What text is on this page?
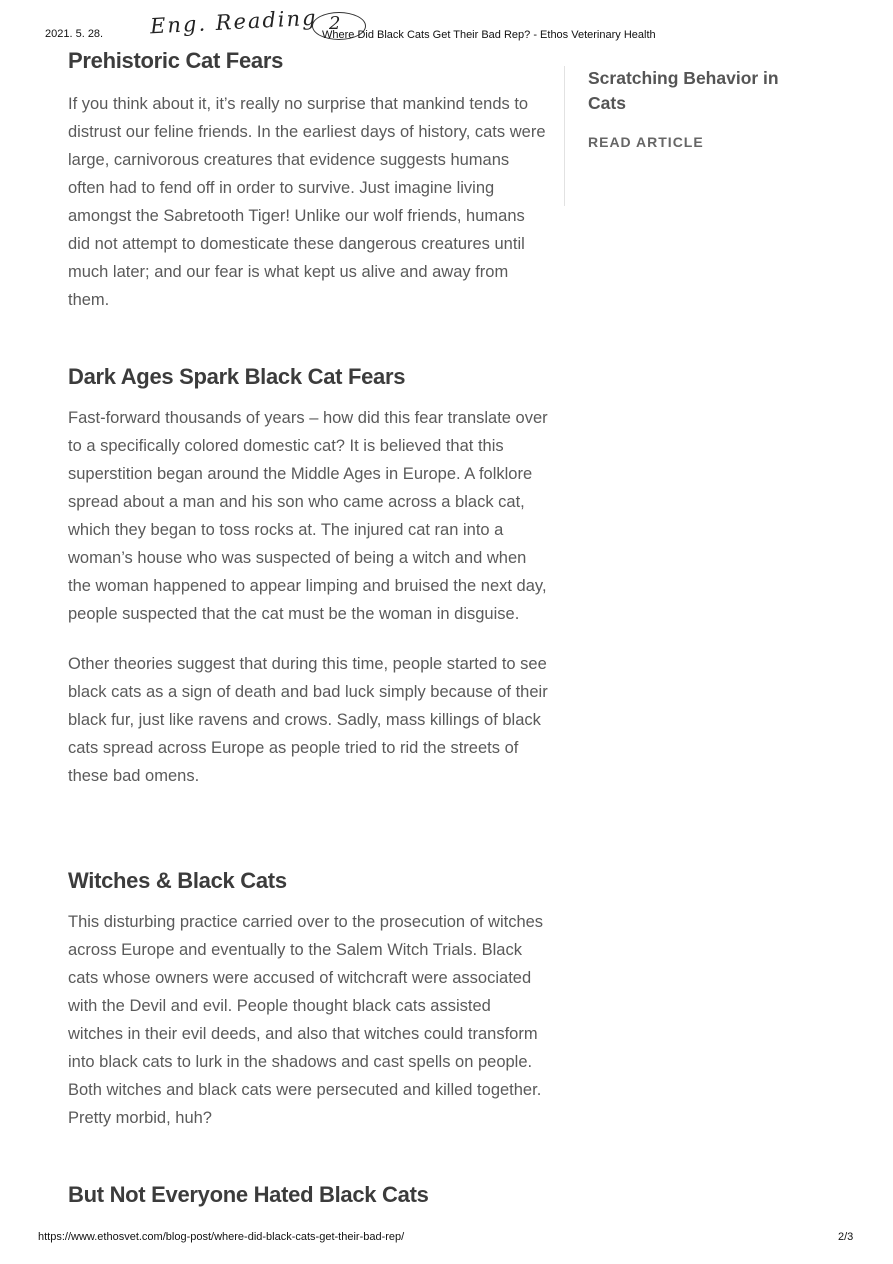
2021. 5. 28. Eng. Reading 2
Where Did Black Cats Get Their Bad Rep? - Ethos Veterinary Health
Prehistoric Cat Fears

If you think about it, it’s really no surprise that mankind tends to distrust our feline friends. In the earliest days of history, cats were large, carnivorous creatures that evidence suggests humans often had to fend off in order to survive. Just imagine living amongst the Sabretooth Tiger! Unlike our wolf friends, humans did not attempt to domesticate these dangerous creatures until much later; and our fear is what kept us alive and away from them.

Dark Ages Spark Black Cat Fears

Fast-forward thousands of years – how did this fear translate over to a specifically colored domestic cat? It is believed that this superstition began around the Middle Ages in Europe. A folklore spread about a man and his son who came across a black cat, which they began to toss rocks at. The injured cat ran into a woman’s house who was suspected of being a witch and when the woman happened to appear limping and bruised the next day, people suspected that the cat must be the woman in disguise.

Other theories suggest that during this time, people started to see black cats as a sign of death and bad luck simply because of their black fur, just like ravens and crows. Sadly, mass killings of black cats spread across Europe as people tried to rid the streets of these bad omens.

Witches & Black Cats

This disturbing practice carried over to the prosecution of witches across Europe and eventually to the Salem Witch Trials. Black cats whose owners were accused of witchcraft were associated with the Devil and evil. People thought black cats assisted witches in their evil deeds, and also that witches could transform into black cats to lurk in the shadows and cast spells on people. Both witches and black cats were persecuted and killed together. Pretty morbid, huh?

But Not Everyone Hated Black Cats
Scratching Behavior in Cats
READ ARTICLE
https://www.ethosvet.com/blog-post/where-did-black-cats-get-their-bad-rep/	2/3
